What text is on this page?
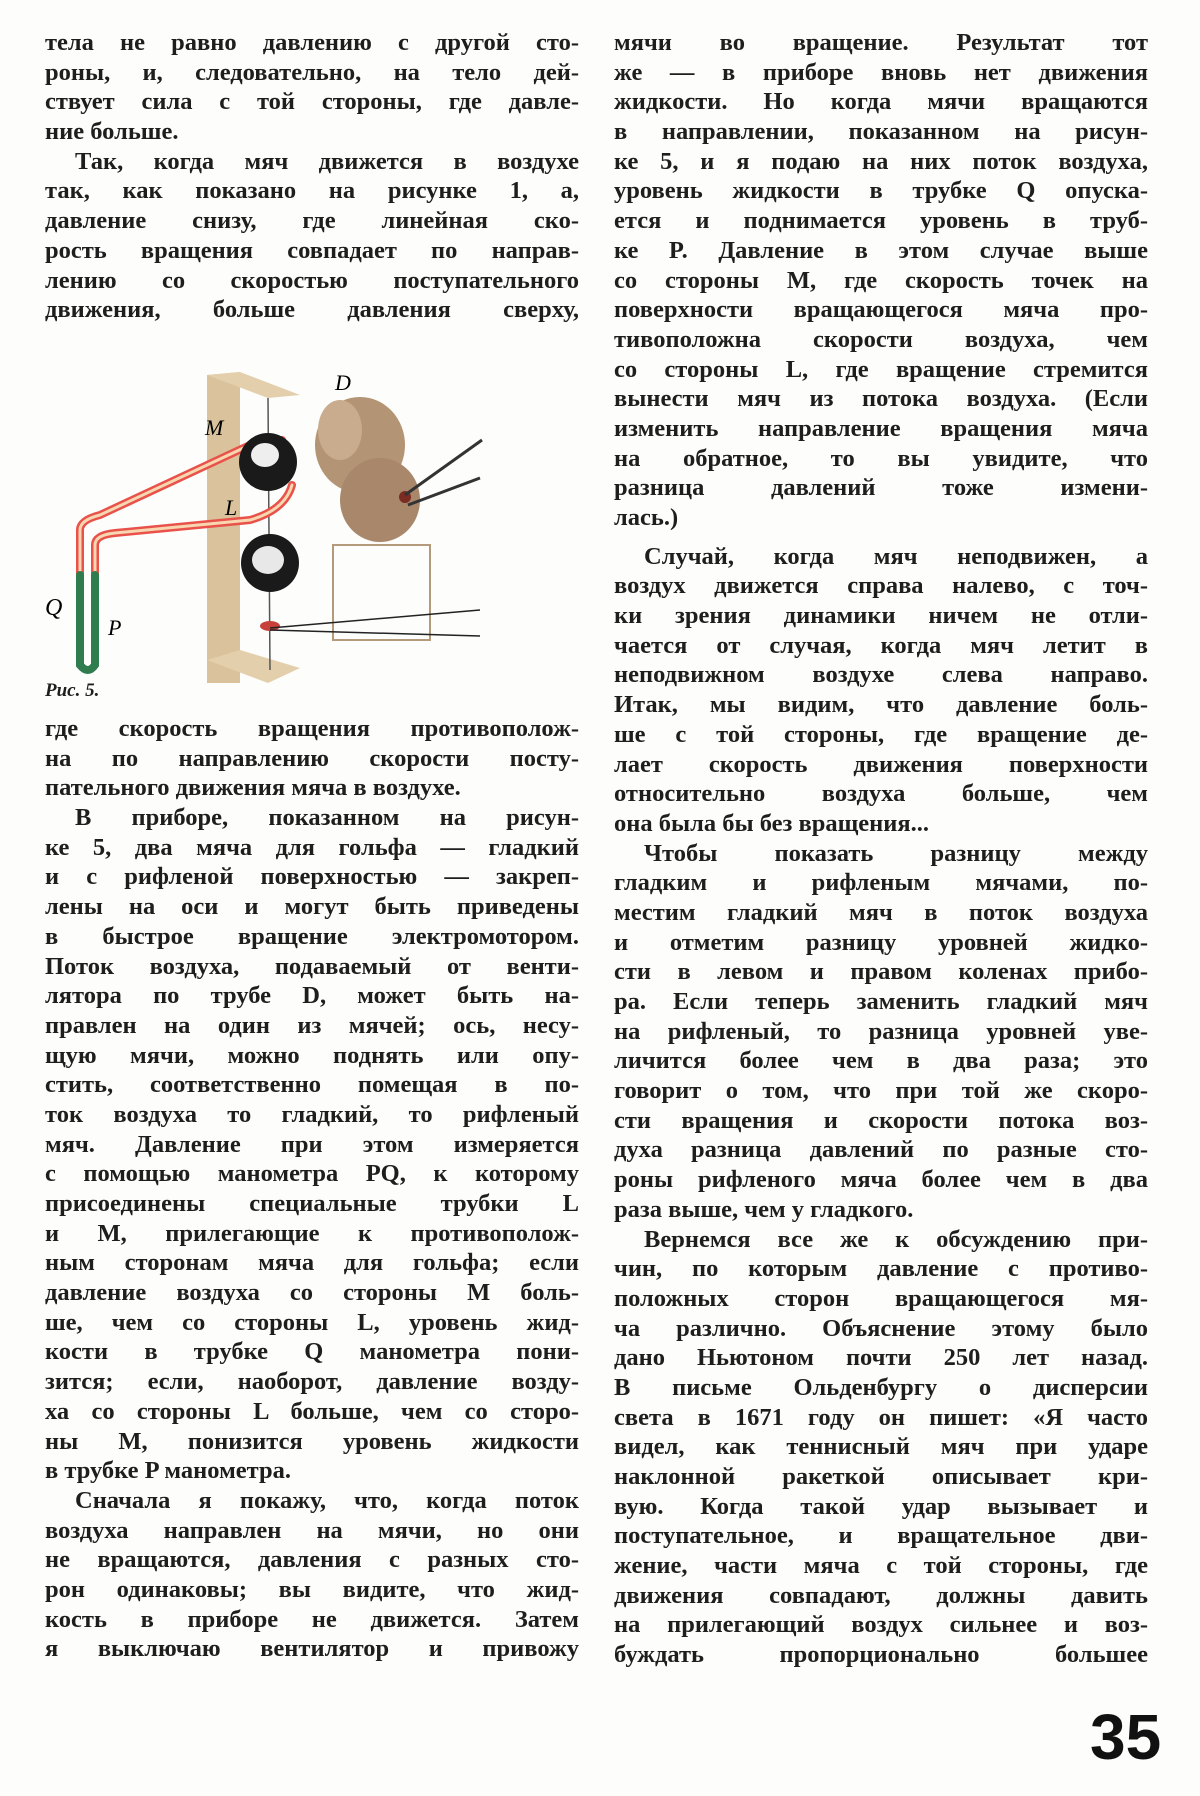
тела не равно давлению с другой сто-
роны, и, следовательно, на тело дей-
ствует сила с той стороны, где давле-
ние больше.
Так, когда мяч движется в воздухе
так, как показано на рисунке 1, а,
давление снизу, где линейная ско-
рость вращения совпадает по направ-
лению со скоростью поступательного
движения, больше давления сверху,
M
L
D
Q
P
Рис. 5.
где скорость вращения противополож-
на по направлению скорости посту-
пательного движения мяча в воздухе.
В приборе, показанном на рисун-
ке 5, два мяча для гольфа — гладкий
и с рифленой поверхностью — закреп-
лены на оси и могут быть приведены
в быстрое вращение электромотором.
Поток воздуха, подаваемый от венти-
лятора по трубе D, может быть на-
правлен на один из мячей; ось, несу-
щую мячи, можно поднять или опу-
стить, соответственно помещая в по-
ток воздуха то гладкий, то рифленый
мяч. Давление при этом измеряется
с помощью манометра PQ, к которому
присоединены специальные трубки L
и M, прилегающие к противополож-
ным сторонам мяча для гольфа; если
давление воздуха со стороны M боль-
ше, чем со стороны L, уровень жид-
кости в трубке Q манометра пони-
зится; если, наоборот, давление возду-
ха со стороны L больше, чем со сторо-
ны M, понизится уровень жидкости
в трубке P манометра.
Сначала я покажу, что, когда поток
воздуха направлен на мячи, но они
не вращаются, давления с разных сто-
рон одинаковы; вы видите, что жид-
кость в приборе не движется. Затем
я выключаю вентилятор и привожу
мячи во вращение. Результат тот
же — в приборе вновь нет движения
жидкости. Но когда мячи вращаются
в направлении, показанном на рисун-
ке 5, и я подаю на них поток воздуха,
уровень жидкости в трубке Q опуска-
ется и поднимается уровень в труб-
ке P. Давление в этом случае выше
со стороны M, где скорость точек на
поверхности вращающегося мяча про-
тивоположна скорости воздуха, чем
со стороны L, где вращение стремится
вынести мяч из потока воздуха. (Если
изменить направление вращения мяча
на обратное, то вы увидите, что
разница давлений тоже измени-
лась.)
Случай, когда мяч неподвижен, а
воздух движется справа налево, с точ-
ки зрения динамики ничем не отли-
чается от случая, когда мяч летит в
неподвижном воздухе слева направо.
Итак, мы видим, что давление боль-
ше с той стороны, где вращение де-
лает скорость движения поверхности
относительно воздуха больше, чем
она была бы без вращения...
Чтобы показать разницу между
гладким и рифленым мячами, по-
местим гладкий мяч в поток воздуха
и отметим разницу уровней жидко-
сти в левом и правом коленах прибо-
ра. Если теперь заменить гладкий мяч
на рифленый, то разница уровней уве-
личится более чем в два раза; это
говорит о том, что при той же скоро-
сти вращения и скорости потока воз-
духа разница давлений по разные сто-
роны рифленого мяча более чем в два
раза выше, чем у гладкого.
Вернемся все же к обсуждению при-
чин, по которым давление с противо-
положных сторон вращающегося мя-
ча различно. Объяснение этому было
дано Ньютоном почти 250 лет назад.
В письме Ольденбургу о дисперсии
света в 1671 году он пишет: «Я часто
видел, как теннисный мяч при ударе
наклонной ракеткой описывает кри-
вую. Когда такой удар вызывает и
поступательное, и вращательное дви-
жение, части мяча с той стороны, где
движения совпадают, должны давить
на прилегающий воздух сильнее и воз-
буждать пропорционально большее
35
